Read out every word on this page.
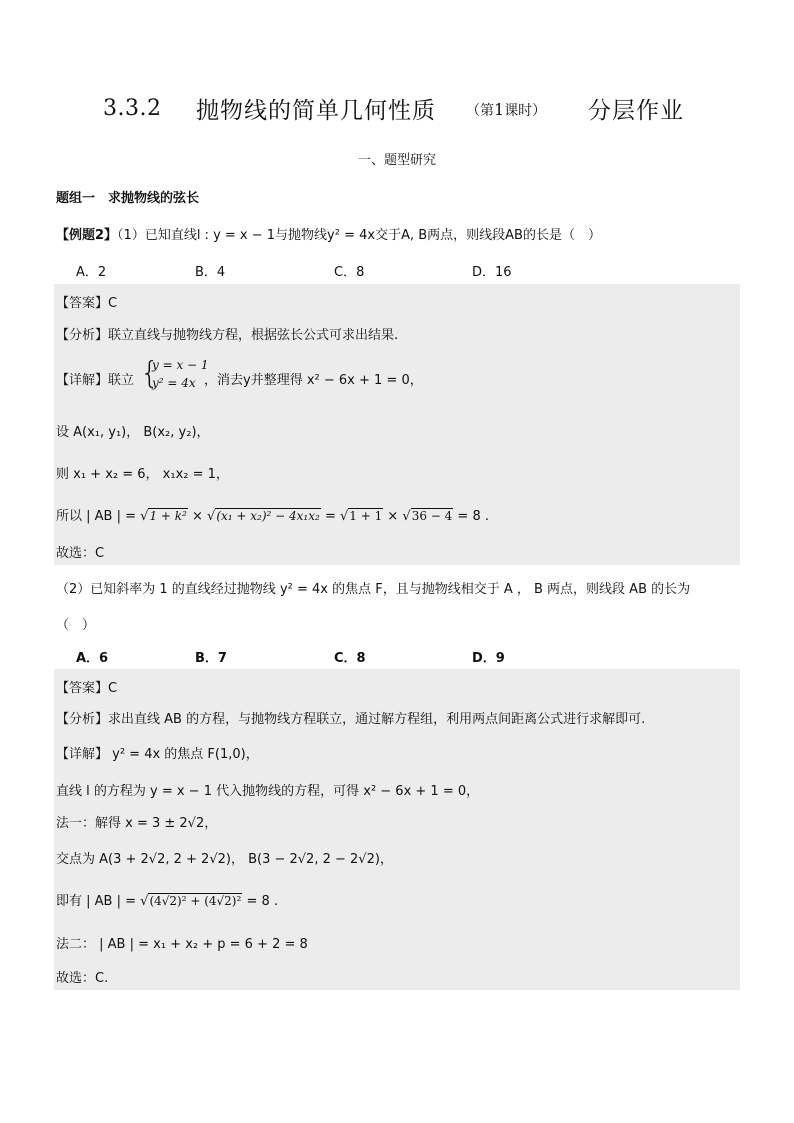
3.3.2 抛物线的简单几何性质 （第1课时） 分层作业
一、题型研究
题组一　求抛物线的弦长
【例题2】（1）已知直线l : y = x − 1与抛物线y² = 4x交于A, B两点，则线段AB的长是（　）
A．2	B．4	C．8	D．16
【答案】C
【分析】联立直线与抛物线方程，根据弦长公式可求出结果.
【详解】联立 {
y = x − 1
y² = 4x ，消去y并整理得 x² − 6x + 1 = 0，
设 A(x₁, y₁)， B(x₂, y₂)，
则 x₁ + x₂ = 6， x₁x₂ = 1，
所以 | AB | = √1 + k² × √(x₁ + x₂)² − 4x₁x₂ = √1 + 1 × √36 − 4 = 8 .
故选：C
（2）已知斜率为 1 的直线经过抛物线 y² = 4x 的焦点 F，且与抛物线相交于 A ， B 两点，则线段 AB 的长为
（　）
A．6	B．7	C．8	D．9
【答案】C
【分析】求出直线 AB 的方程，与抛物线方程联立，通过解方程组，利用两点间距离公式进行求解即可.
【详解】 y² = 4x 的焦点 F(1,0)，
直线 l 的方程为 y = x − 1 代入抛物线的方程，可得 x² − 6x + 1 = 0，
法一：解得 x = 3 ± 2√2，
交点为 A(3 + 2√2, 2 + 2√2)， B(3 − 2√2, 2 − 2√2)，
即有 | AB | = √(4√2)² + (4√2)² = 8 .
法二： | AB | = x₁ + x₂ + p = 6 + 2 = 8
故选：C.
